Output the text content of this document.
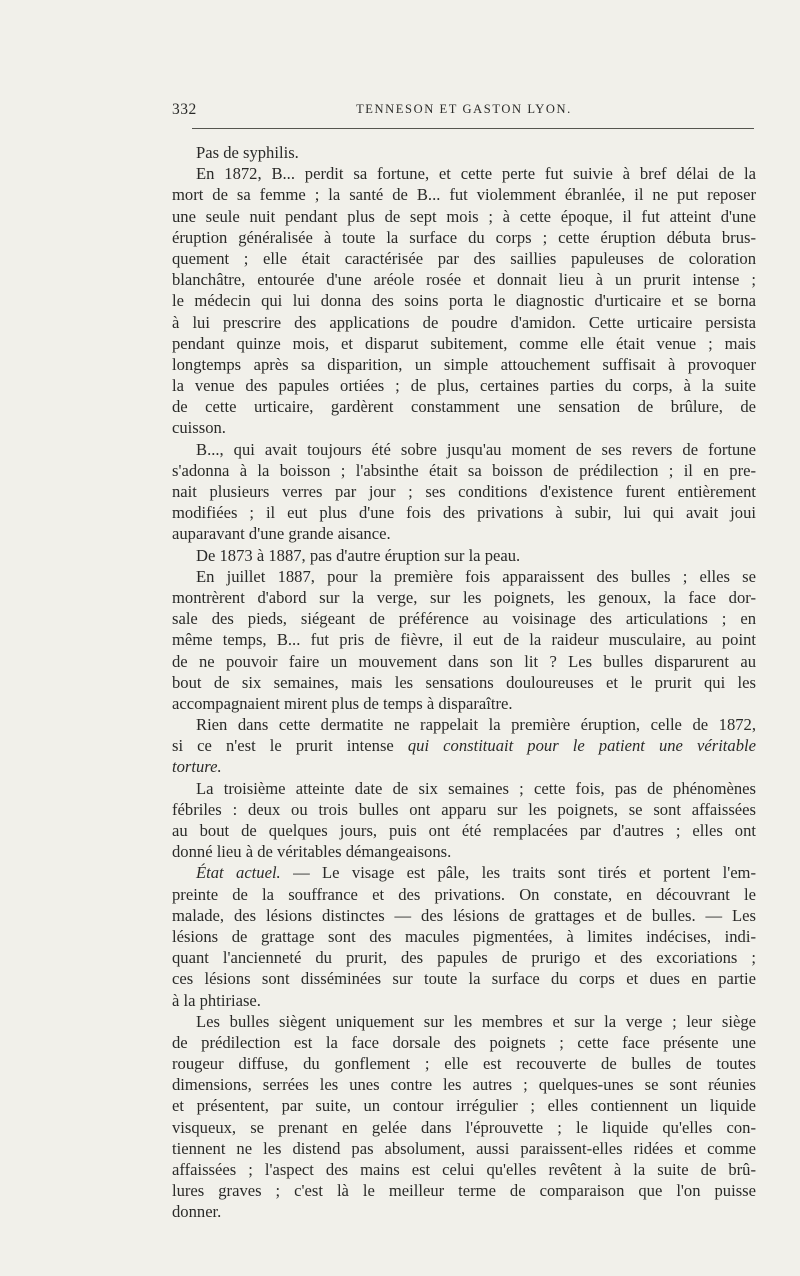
332	TENNESON ET GASTON LYON.
Pas de syphilis.
En 1872, B... perdit sa fortune, et cette perte fut suivie à bref délai de la
mort de sa femme ; la santé de B... fut violemment ébranlée, il ne put reposer
une seule nuit pendant plus de sept mois ; à cette époque, il fut atteint d'une
éruption généralisée à toute la surface du corps ; cette éruption débuta brus-
quement ; elle était caractérisée par des saillies papuleuses de coloration
blanchâtre, entourée d'une aréole rosée et donnait lieu à un prurit intense ;
le médecin qui lui donna des soins porta le diagnostic d'urticaire et se borna
à lui prescrire des applications de poudre d'amidon. Cette urticaire persista
pendant quinze mois, et disparut subitement, comme elle était venue ; mais
longtemps après sa disparition, un simple attouchement suffisait à provoquer
la venue des papules ortiées ; de plus, certaines parties du corps, à la suite
de cette urticaire, gardèrent constamment une sensation de brûlure, de
cuisson.
B..., qui avait toujours été sobre jusqu'au moment de ses revers de fortune
s'adonna à la boisson ; l'absinthe était sa boisson de prédilection ; il en pre-
nait plusieurs verres par jour ; ses conditions d'existence furent entièrement
modifiées ; il eut plus d'une fois des privations à subir, lui qui avait joui
auparavant d'une grande aisance.
De 1873 à 1887, pas d'autre éruption sur la peau.
En juillet 1887, pour la première fois apparaissent des bulles ; elles se
montrèrent d'abord sur la verge, sur les poignets, les genoux, la face dor-
sale des pieds, siégeant de préférence au voisinage des articulations ; en
même temps, B... fut pris de fièvre, il eut de la raideur musculaire, au point
de ne pouvoir faire un mouvement dans son lit ? Les bulles disparurent au
bout de six semaines, mais les sensations douloureuses et le prurit qui les
accompagnaient mirent plus de temps à disparaître.
Rien dans cette dermatite ne rappelait la première éruption, celle de 1872,
si ce n'est le prurit intense qui constituait pour le patient une véritable
torture.
La troisième atteinte date de six semaines ; cette fois, pas de phénomènes
fébriles : deux ou trois bulles ont apparu sur les poignets, se sont affaissées
au bout de quelques jours, puis ont été remplacées par d'autres ; elles ont
donné lieu à de véritables démangeaisons.
État actuel. — Le visage est pâle, les traits sont tirés et portent l'em-
preinte de la souffrance et des privations. On constate, en découvrant le
malade, des lésions distinctes — des lésions de grattages et de bulles. — Les
lésions de grattage sont des macules pigmentées, à limites indécises, indi-
quant l'ancienneté du prurit, des papules de prurigo et des excoriations ;
ces lésions sont disséminées sur toute la surface du corps et dues en partie
à la phtiriase.
Les bulles siègent uniquement sur les membres et sur la verge ; leur siège
de prédilection est la face dorsale des poignets ; cette face présente une
rougeur diffuse, du gonflement ; elle est recouverte de bulles de toutes
dimensions, serrées les unes contre les autres ; quelques-unes se sont réunies
et présentent, par suite, un contour irrégulier ; elles contiennent un liquide
visqueux, se prenant en gelée dans l'éprouvette ; le liquide qu'elles con-
tiennent ne les distend pas absolument, aussi paraissent-elles ridées et comme
affaissées ; l'aspect des mains est celui qu'elles revêtent à la suite de brû-
lures graves ; c'est là le meilleur terme de comparaison que l'on puisse
donner.
